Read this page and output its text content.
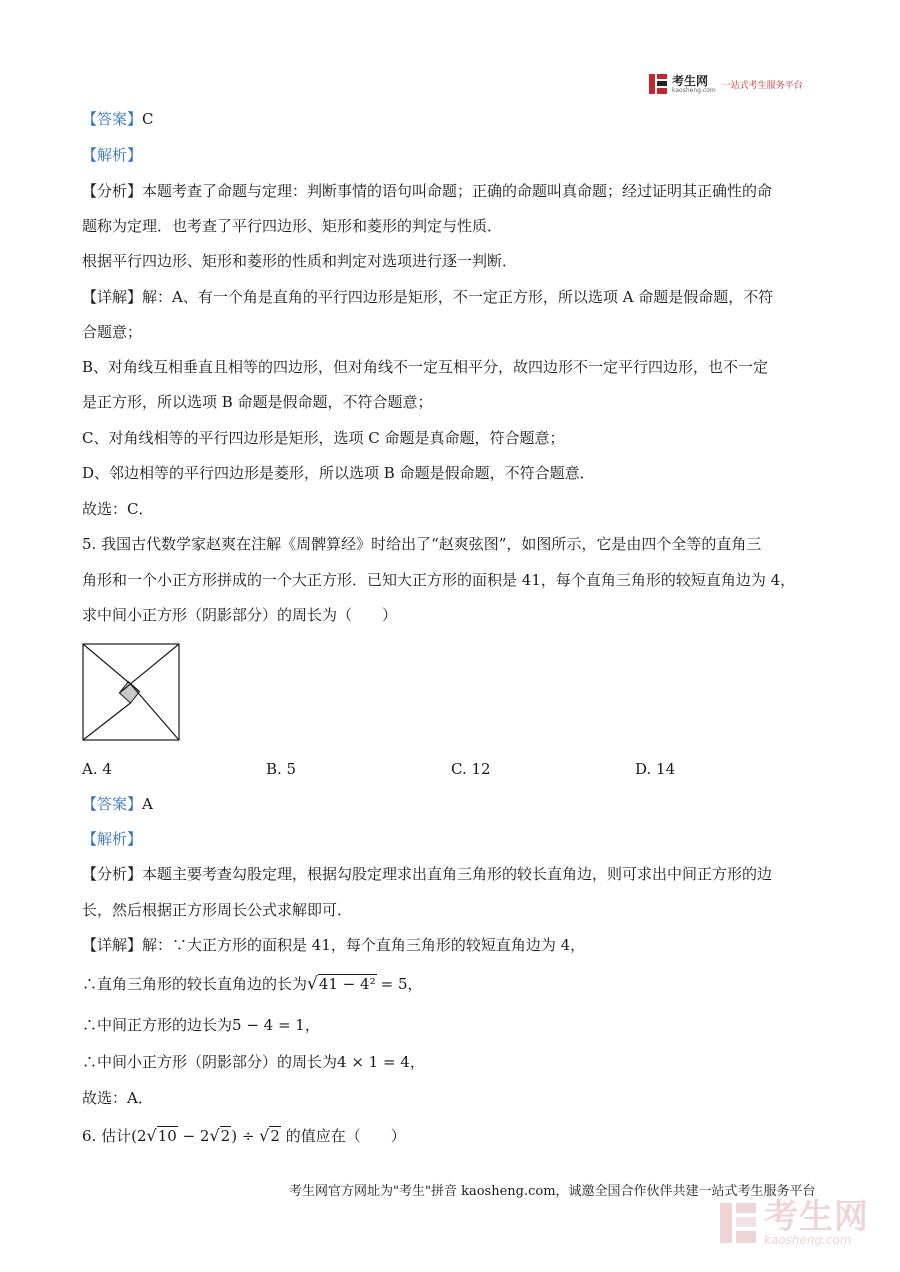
考生网
kaosheng.com 一站式考生服务平台
【答案】C
【解析】
【分析】本题考查了命题与定理：判断事情的语句叫命题；正确的命题叫真命题；经过证明其正确性的命
题称为定理．也考查了平行四边形、矩形和菱形的判定与性质．
根据平行四边形、矩形和菱形的性质和判定对选项进行逐一判断．
【详解】解：A、有一个角是直角的平行四边形是矩形，不一定正方形，所以选项 A 命题是假命题，不符
合题意；
B、对角线互相垂直且相等的四边形，但对角线不一定互相平分，故四边形不一定平行四边形，也不一定
是正方形，所以选项 B 命题是假命题，不符合题意；
C、对角线相等的平行四边形是矩形，选项 C 命题是真命题，符合题意；
D、邻边相等的平行四边形是菱形，所以选项 B 命题是假命题，不符合题意．
故选：C．
5. 我国古代数学家赵爽在注解《周髀算经》时给出了“赵爽弦图”，如图所示，它是由四个全等的直角三
角形和一个小正方形拼成的一个大正方形．已知大正方形的面积是 41，每个直角三角形的较短直角边为 4，
求中间小正方形（阴影部分）的周长为（　　）
A. 4	B. 5	C. 12	D. 14
【答案】A
【解析】
【分析】本题主要考查勾股定理，根据勾股定理求出直角三角形的较长直角边，则可求出中间正方形的边
长，然后根据正方形周长公式求解即可．
【详解】解：∵大正方形的面积是 41，每个直角三角形的较短直角边为 4，
∴直角三角形的较长直角边的长为√41 − 4² = 5，
∴中间正方形的边长为5 − 4 = 1，
∴中间小正方形（阴影部分）的周长为4 × 1 = 4，
故选：A．
6. 估计(2√10 − 2√2) ÷ √2 的值应在（　　）
考生网官方网址为"考生"拼音 kaosheng.com，诚邀全国合作伙伴共建一站式考生服务平台
考生网
kaosheng.com
